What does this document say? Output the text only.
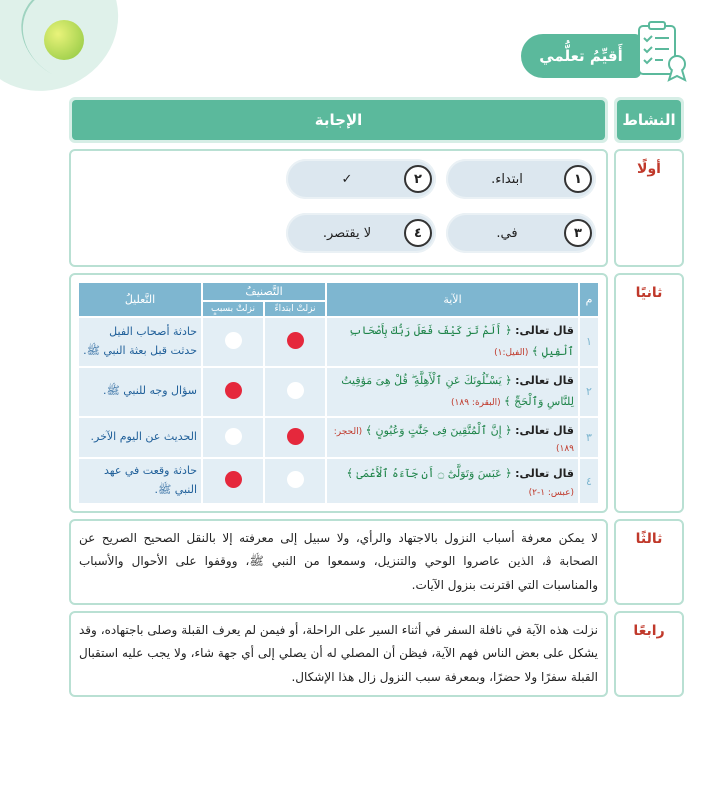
أَقيِّمُ تعلُّمي
النشاط
الإجابة
أولًا
١
ابتداء.
٢
✓
٣
في.
٤
لا يقتصر.
ثانيًا
م	الآية	التَّصنيفُ		التَّعليلُ
		نزلتْ ابتداءً	نزلتْ بسببٍ	
١	قال تعالى: ﴿ أَلَمْ تَرَ كَيْفَ فَعَلَ رَبُّكَ بِأَصْحَابِ ٱلْفِيلِ ﴾ (الفيل:١)			حادثة أصحاب الفيل حدثت قبل بعثة النبي ﷺ.
٢	قال تعالى: ﴿ يَسْـَٔلُونَكَ عَنِ ٱلْأَهِلَّةِ ۖ قُلْ هِىَ مَوَٰقِيتُ لِلنَّاسِ وَٱلْحَجِّ ﴾ (البقرة: ١٨٩)			سؤال وجه للنبي ﷺ.
٣	قال تعالى: ﴿ إِنَّ ٱلْمُتَّقِينَ فِى جَنَّٰتٍ وَعُيُونٍ ﴾ (الحجر: ١٨٩)			الحديث عن اليوم الآخر.
٤	قال تعالى: ﴿ عَبَسَ وَتَوَلَّىٰٓ ۝ أَن جَآءَهُ ٱلْأَعْمَىٰ ﴾ (عبس: ١-٢)			حادثة وقعت في عهد النبي ﷺ.
ثالثًا
لا يمكن معرفة أسباب النزول بالاجتهاد والرأي، ولا سبيل إلى معرفته إلا بالنقل الصحيح الصريح عن الصحابة ﭬ، الذين عاصروا الوحي والتنزيل، وسمعوا من النبي ﷺ، ووقفوا على الأحوال والأسباب والمناسبات التي اقترنت بنزول الآيات.
رابعًا
نزلت هذه الآية في نافلة السفر في أثناء السير على الراحلة، أو فيمن لم يعرف القبلة وصلى باجتهاده، وقد يشكل على بعض الناس فهم الآية، فيظن أن المصلي له أن يصلي إلى أي جهة شاء، ولا يجب عليه استقبال القبلة سفرًا ولا حضرًا، وبمعرفة سبب النزول زال هذا الإشكال.
